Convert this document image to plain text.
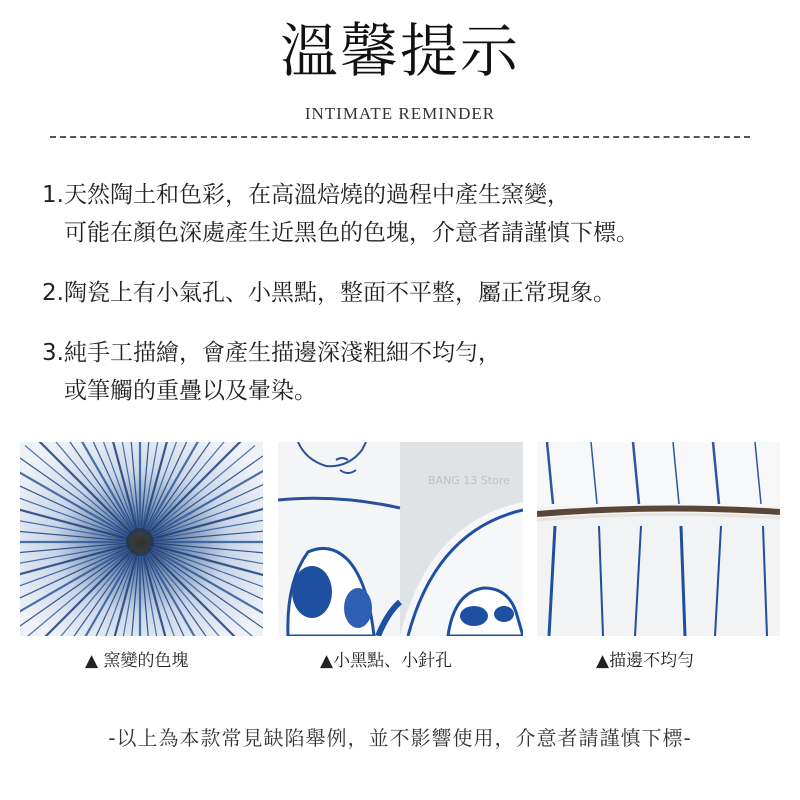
溫馨提示
INTIMATE REMINDER
1.天然陶土和色彩，在高溫焙燒的過程中產生窯變，
可能在顏色深處產生近黑色的色塊，介意者請謹慎下標。
2.陶瓷上有小氣孔、小黑點，整面不平整，屬正常現象。
3.純手工描繪，會產生描邊深淺粗細不均勻，
或筆觸的重疊以及暈染。
BANG 13 Store
▲ 窯變的色塊	▲小黑點、小針孔	▲描邊不均勻
-以上為本款常見缺陷舉例，並不影響使用，介意者請謹慎下標-
